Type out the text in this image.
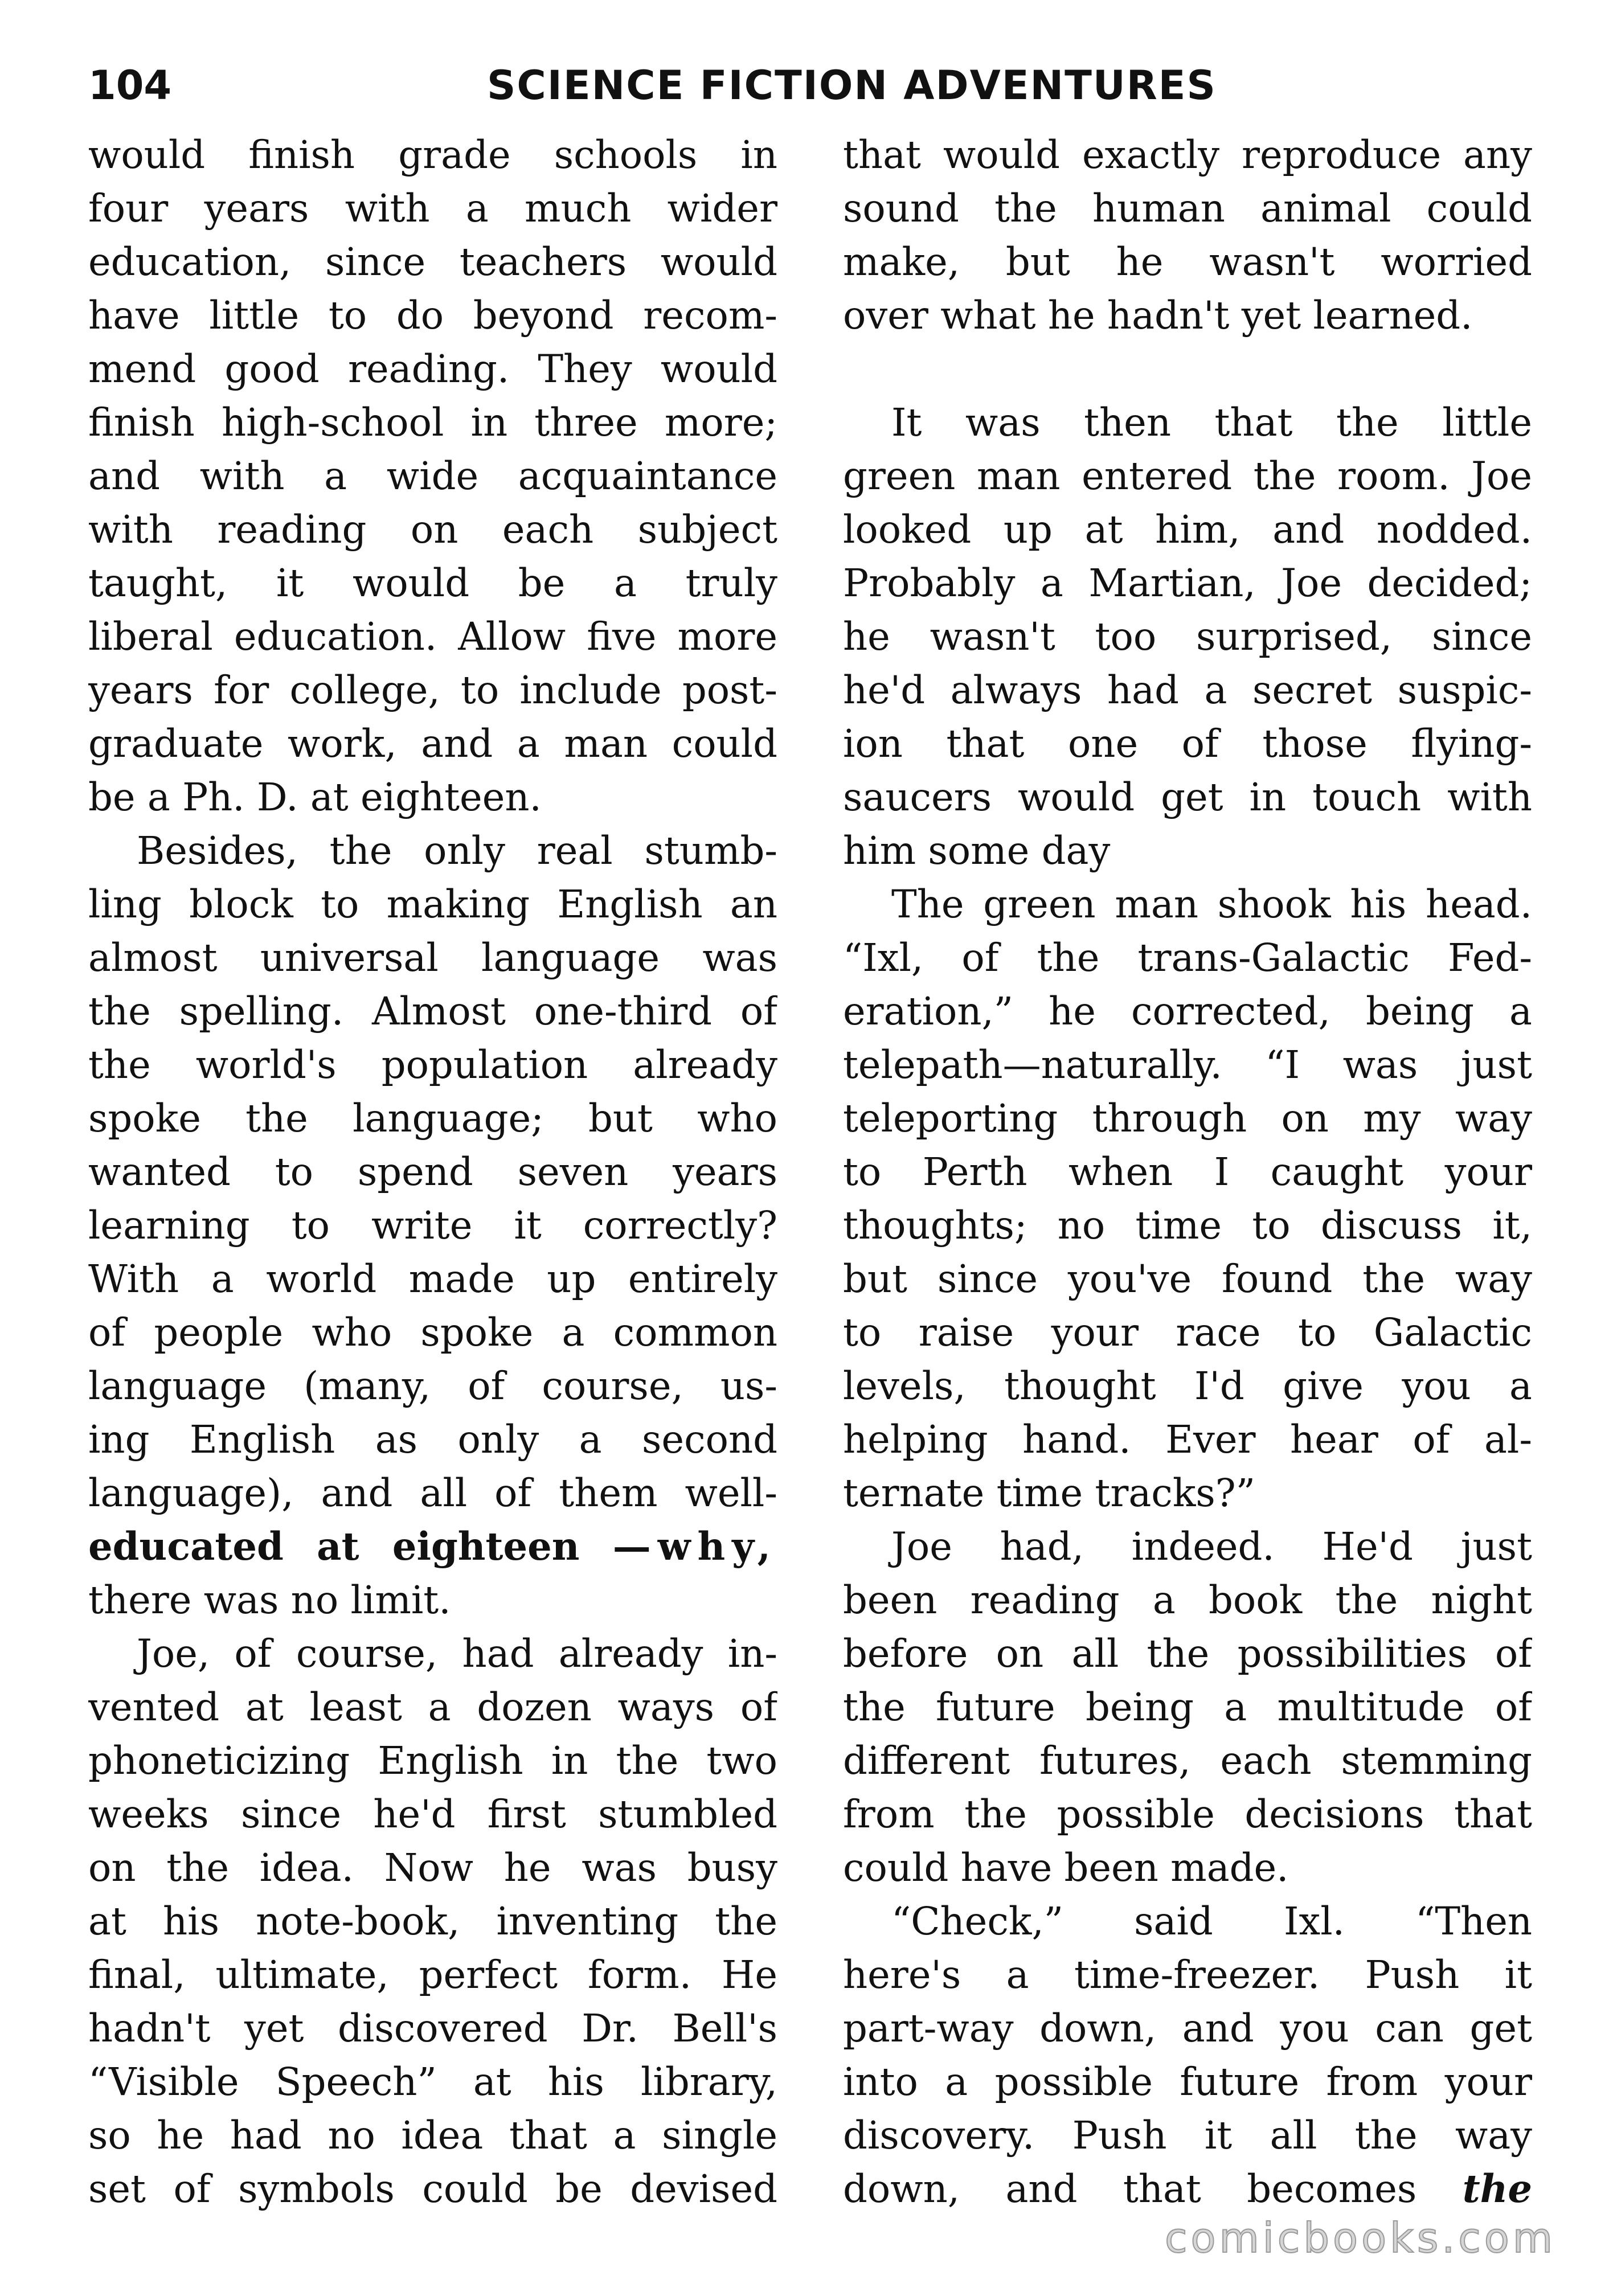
104	SCIENCE FICTION ADVENTURES
would finish grade schools in
four years with a much wider
education, since teachers would
have little to do beyond recom-
mend good reading. They would
finish high-school in three more;
and with a wide acquaintance
with reading on each subject
taught, it would be a truly
liberal education. Allow five more
years for college, to include post-
graduate work, and a man could
be a Ph. D. at eighteen.
Besides, the only real stumb-
ling block to making English an
almost universal language was
the spelling. Almost one-third of
the world's population already
spoke the language; but who
wanted to spend seven years
learning to write it correctly?
With a world made up entirely
of people who spoke a common
language (many, of course, us-
ing English as only a second
language), and all of them well-
educated at eighteen —why,
there was no limit.
Joe, of course, had already in-
vented at least a dozen ways of
phoneticizing English in the two
weeks since he'd first stumbled
on the idea. Now he was busy
at his note-book, inventing the
final, ultimate, perfect form. He
hadn't yet discovered Dr. Bell's
“Visible Speech” at his library,
so he had no idea that a single
set of symbols could be devised
that would exactly reproduce any
sound the human animal could
make, but he wasn't worried
over what he hadn't yet learned.
It was then that the little
green man entered the room. Joe
looked up at him, and nodded.
Probably a Martian, Joe decided;
he wasn't too surprised, since
he'd always had a secret suspic-
ion that one of those flying-
saucers would get in touch with
him some day
The green man shook his head.
“Ixl, of the trans-Galactic Fed-
eration,” he corrected, being a
telepath—naturally. “I was just
teleporting through on my way
to Perth when I caught your
thoughts; no time to discuss it,
but since you've found the way
to raise your race to Galactic
levels, thought I'd give you a
helping hand. Ever hear of al-
ternate time tracks?”
Joe had, indeed. He'd just
been reading a book the night
before on all the possibilities of
the future being a multitude of
different futures, each stemming
from the possible decisions that
could have been made.
“Check,” said Ixl. “Then
here's a time-freezer. Push it
part-way down, and you can get
into a possible future from your
discovery. Push it all the way
down, and that becomes the
comicbooks.com
